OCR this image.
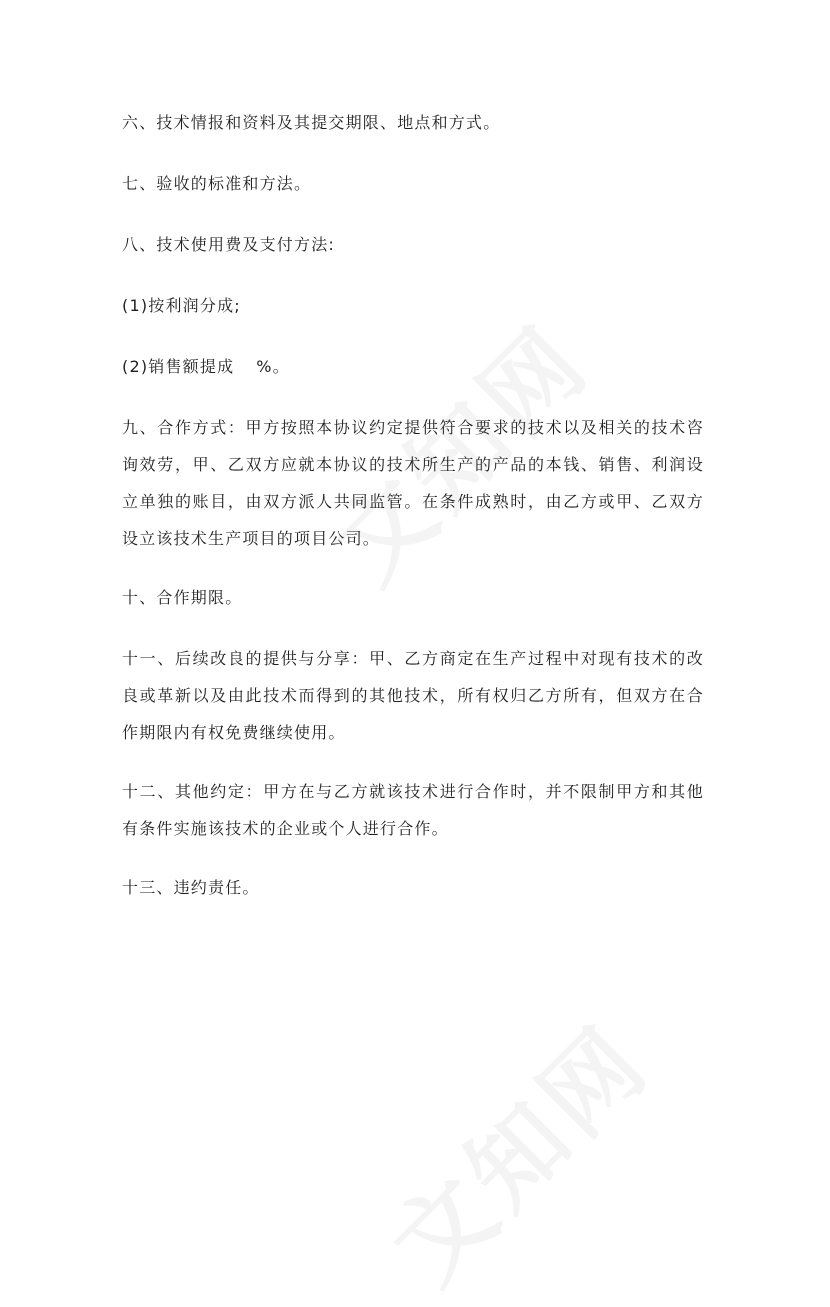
六、技术情报和资料及其提交期限、地点和方式。

七、验收的标准和方法。

八、技术使用费及支付方法:

(1)按利润分成;

(2)销售额提成 %。

九、合作方式：甲方按照本协议约定提供符合要求的技术以及相关的技术咨询效劳，甲、乙双方应就本协议的技术所生产的产品的本钱、销售、利润设立单独的账目，由双方派人共同监管。在条件成熟时，由乙方或甲、乙双方设立该技术生产项目的项目公司。

十、合作期限。

十一、后续改良的提供与分享：甲、乙方商定在生产过程中对现有技术的改良或革新以及由此技术而得到的其他技术，所有权归乙方所有，但双方在合作期限内有权免费继续使用。

十二、其他约定：甲方在与乙方就该技术进行合作时，并不限制甲方和其他有条件实施该技术的企业或个人进行合作。

十三、违约责任。
